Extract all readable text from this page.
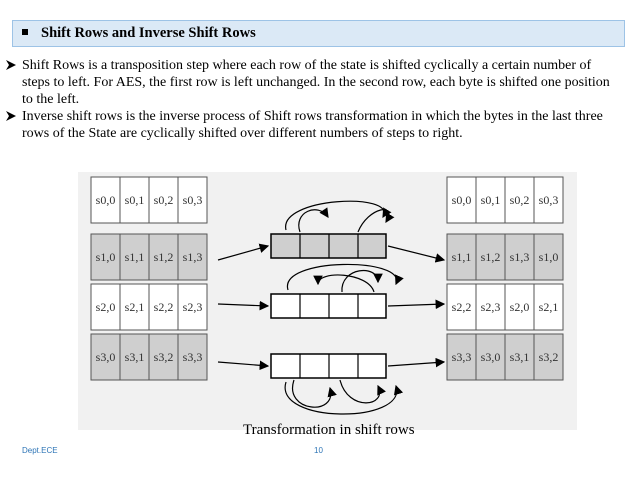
Shift Rows and Inverse Shift Rows
Shift Rows is a transposition step where each row of the state is shifted cyclically a certain number of steps to left. For AES, the first row is left unchanged. In the second row, each byte is shifted one position to the left.
Inverse shift rows is the inverse process of Shift rows transformation in which the bytes in the last three rows of the State are cyclically shifted over different numbers of steps to right.
s0,0 s0,1 s0,2 s0,3
s1,0 s1,1 s1,2 s1,3
s2,0 s2,1 s2,2 s2,3
s3,0 s3,1 s3,2 s3,3
s0,0 s0,1 s0,2 s0,3
s1,1 s1,2 s1,3 s1,0
s2,2 s2,3 s2,0 s2,1
s3,3 s3,0 s3,1 s3,2
Transformation in shift rows
Dept.ECE	10
